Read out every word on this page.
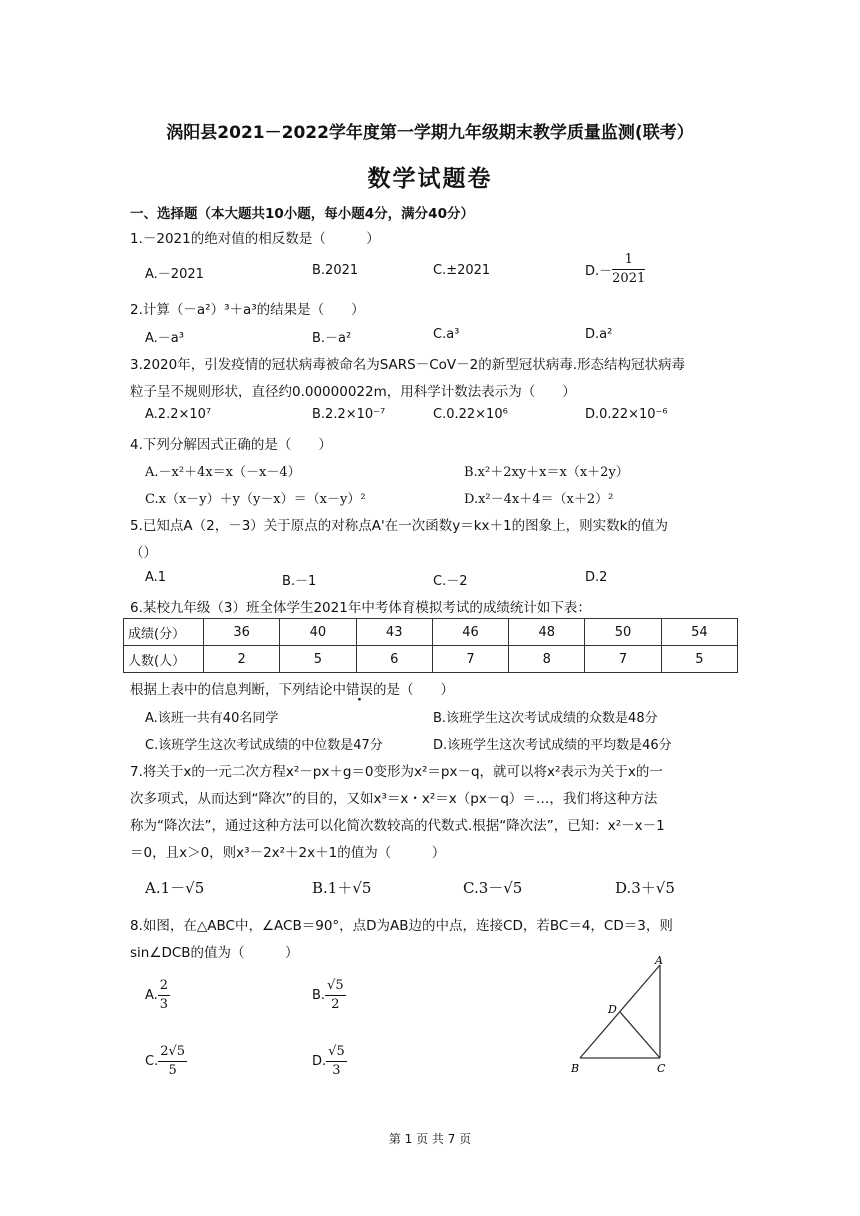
涡阳县2021－2022学年度第一学期九年级期末教学质量监测(联考）
数学试题卷
一、选择题（本大题共10小题，每小题4分，满分40分）
1.－2021的绝对值的相反数是（　　　）
A.－2021	B.2021	C.±2021	$D.- \frac{1}{2021}$
2.计算（－a²）³＋a³的结果是（　　）
A.－a³	B.－a²	C.a³	D.a²
3.2020年，引发疫情的冠状病毒被命名为SARS－CoV－2的新型冠状病毒.形态结构冠状病毒
粒子呈不规则形状，直径约0.00000022m，用科学计数法表示为（　　）
A.2.2×10⁷	B.2.2×10⁻⁷	C.0.22×10⁶	D.0.22×10⁻⁶
4.下列分解因式正确的是（　　）
A.－x²＋4x＝x（－x－4）	B.x²＋2xy＋x＝x（x＋2y）
C.x（x－y）＋y（y－x）＝（x－y）²	D.x²－4x＋4＝（x＋2）²
5.已知点A（2，－3）关于原点的对称点A'在一次函数y＝kx＋1的图象上，则实数k的值为
（）
A.1	B.－1	C.－2	D.2
6.某校九年级（3）班全体学生2021年中考体育模拟考试的成绩统计如下表：
成绩(分）	36	40	43	46	48	50	54
人数(人）	2	5	6	7	8	7	5
根据上表中的信息判断，下列结论中错误的是（　　）
A.该班一共有40名同学	B.该班学生这次考试成绩的众数是48分
C.该班学生这次考试成绩的中位数是47分	D.该班学生这次考试成绩的平均数是46分
7.将关于x的一元二次方程x²－px＋g＝0变形为x²＝px－q，就可以将x²表示为关于x的一
次多项式，从而达到“降次”的目的，又如x³＝x・x²＝x（px－q）＝…，我们将这种方法
称为“降次法”，通过这种方法可以化简次数较高的代数式.根据“降次法”，已知：x²－x－1
＝0，且x＞0，则x³－2x²＋2x＋1的值为（　　　）
A.1－√5	B.1＋√5	C.3－√5	D.3＋√5
8.如图，在△ABC中，∠ACB＝90°，点D为AB边的中点，连接CD，若BC＝4，CD＝3，则
sin∠DCB的值为（　　　）
A. $\frac{2}{3}$	B. $\frac{√5}{2}$
C. $\frac{2√5}{5}$	D. $\frac{√5}{3}$
A
B	C
D
第 1 页 共 7 页
